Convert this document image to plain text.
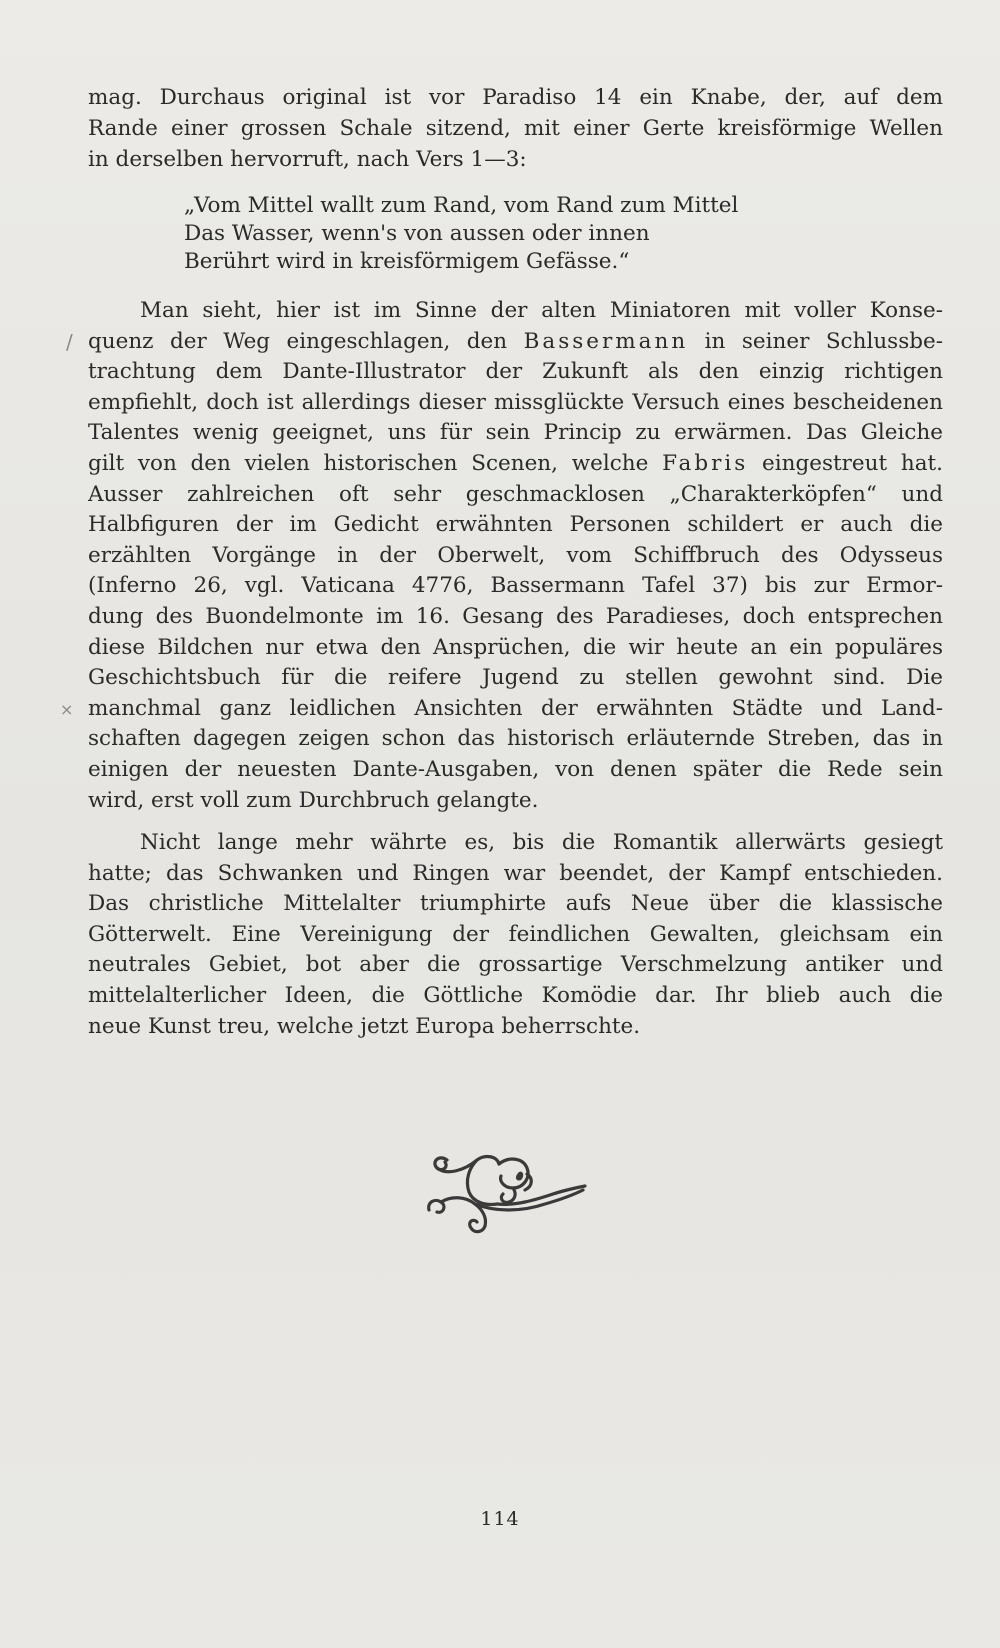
mag. Durchaus original ist vor Paradiso 14 ein Knabe, der, auf dem
Rande einer grossen Schale sitzend, mit einer Gerte kreisförmige Wellen
in derselben hervorruft, nach Vers 1—3:
„Vom Mittel wallt zum Rand, vom Rand zum Mittel
Das Wasser, wenn's von aussen oder innen
Berührt wird in kreisförmigem Gefässe.“
/
×
Man sieht, hier ist im Sinne der alten Miniatoren mit voller Konse-
quenz der Weg eingeschlagen, den Bassermann in seiner Schlussbe-
trachtung dem Dante-Illustrator der Zukunft als den einzig richtigen
empfiehlt, doch ist allerdings dieser missglückte Versuch eines bescheidenen
Talentes wenig geeignet, uns für sein Princip zu erwärmen. Das Gleiche
gilt von den vielen historischen Scenen, welche Fabris eingestreut hat.
Ausser zahlreichen oft sehr geschmacklosen „Charakterköpfen“ und
Halbfiguren der im Gedicht erwähnten Personen schildert er auch die
erzählten Vorgänge in der Oberwelt, vom Schiffbruch des Odysseus
(Inferno 26, vgl. Vaticana 4776, Bassermann Tafel 37) bis zur Ermor-
dung des Buondelmonte im 16. Gesang des Paradieses, doch entsprechen
diese Bildchen nur etwa den Ansprüchen, die wir heute an ein populäres
Geschichtsbuch für die reifere Jugend zu stellen gewohnt sind. Die
manchmal ganz leidlichen Ansichten der erwähnten Städte und Land-
schaften dagegen zeigen schon das historisch erläuternde Streben, das in
einigen der neuesten Dante-Ausgaben, von denen später die Rede sein
wird, erst voll zum Durchbruch gelangte.
Nicht lange mehr währte es, bis die Romantik allerwärts gesiegt
hatte; das Schwanken und Ringen war beendet, der Kampf entschieden.
Das christliche Mittelalter triumphirte aufs Neue über die klassische
Götterwelt. Eine Vereinigung der feindlichen Gewalten, gleichsam ein
neutrales Gebiet, bot aber die grossartige Verschmelzung antiker und
mittelalterlicher Ideen, die Göttliche Komödie dar. Ihr blieb auch die
neue Kunst treu, welche jetzt Europa beherrschte.
114
